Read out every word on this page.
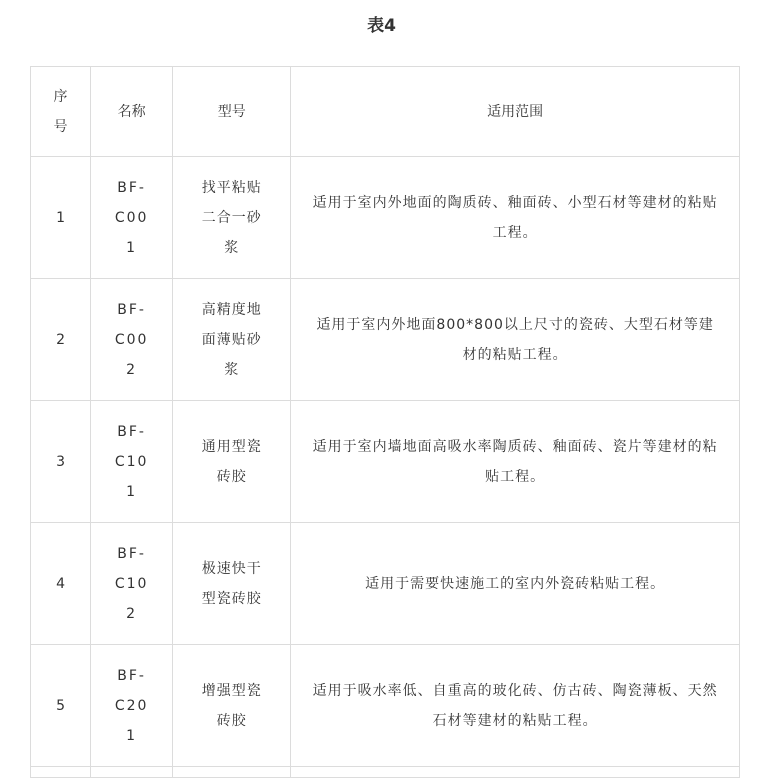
表4
序号	名称	型号	适用范围
1	BF-C001	找平粘贴二合一砂浆	适用于室内外地面的陶质砖、釉面砖、小型石材等建材的粘贴工程。
2	BF-C002	高精度地面薄贴砂浆	适用于室内外地面800*800以上尺寸的瓷砖、大型石材等建材的粘贴工程。
3	BF-C101	通用型瓷砖胶	适用于室内墙地面高吸水率陶质砖、釉面砖、瓷片等建材的粘贴工程。
4	BF-C102	极速快干型瓷砖胶	适用于需要快速施工的室内外瓷砖粘贴工程。
5	BF-C201	增强型瓷砖胶	适用于吸水率低、自重高的玻化砖、仿古砖、陶瓷薄板、天然石材等建材的粘贴工程。
